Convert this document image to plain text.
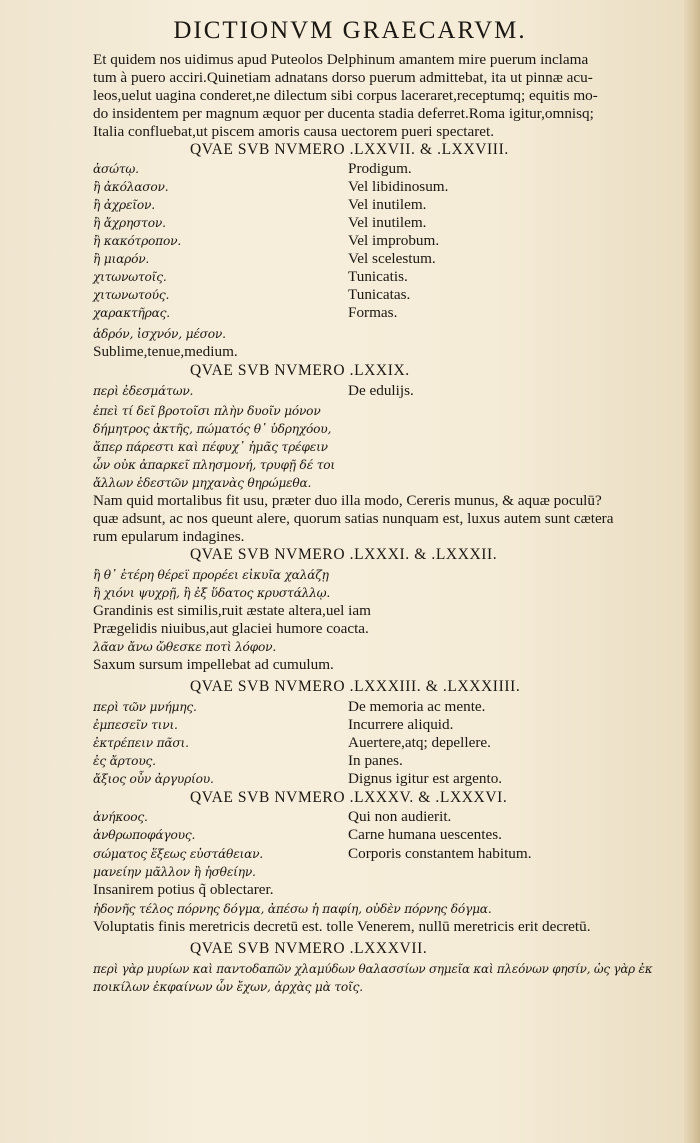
DICTIONVM GRAECARVM.
Et quidem nos uidimus apud Puteolos Delphinum amantem mire puerum inclama
tum à puero acciri.Quinetiam adnatans dorso puerum admittebat, ita ut pinnæ acu-
leos,uelut uagina conderet,ne dilectum sibi corpus laceraret,receptumq; equitis mo-
do insidentem per magnum æquor per ducenta stadia deferret.Roma igitur,omnisq;
Italia confluebat,ut piscem amoris causa uectorem pueri spectaret.
QVAE SVB NVMERO .LXXVII. & .LXXVIII.
ἀσώτῳ.	Prodigum.
ἢ ἀκόλασον.	Vel libidinosum.
ἢ ἀχρεῖον.	Vel inutilem.
ἢ ἄχρηστον.	Vel inutilem.
ἢ κακότροπον.	Vel improbum.
ἢ μιαρόν.	Vel scelestum.
χιτωνωτοῖς.	Tunicatis.
χιτωνωτούς.	Tunicatas.
χαρακτῆρας.	Formas.
ἁδρόν, ἰσχνόν, μέσον.
Sublime,tenue,medium.
QVAE SVB NVMERO .LXXIX.
περὶ ἐδεσμάτων.	De edulijs.
ἐπεὶ τί δεῖ βροτοῖσι πλὴν δυοῖν μόνον
δήμητρος ἀκτῆς, πώματός θ᾽ ὑδρηχόου,
ἅπερ πάρεστι καὶ πέφυχ᾽ ἡμᾶς τρέφειν
ὧν οὐκ ἀπαρκεῖ πλησμονή, τρυφῇ δέ τοι
ἄλλων ἐδεστῶν μηχανὰς θηρώμεθα.
Nam quid mortalibus fit usu, præter duo illa modo, Cereris munus, & aquæ poculū?
quæ adsunt, ac nos queunt alere, quorum satias nunquam est, luxus autem sunt cætera
rum epularum indagines.
QVAE SVB NVMERO .LXXXI. & .LXXXII.
ἢ θ᾽ ἑτέρη θέρεϊ προρέει εἰκυῖα χαλάζῃ
ἢ χιόνι ψυχρῇ, ἢ ἐξ ὕδατος κρυστάλλῳ.
Grandinis est similis,ruit æstate altera,uel iam
Prægelidis niuibus,aut glaciei humore coacta.
λᾶαν ἄνω ὤθεσκε ποτὶ λόφον.
Saxum sursum impellebat ad cumulum.
QVAE SVB NVMERO .LXXXIII. & .LXXXIIII.
περὶ τῶν μνήμης.	De memoria ac mente.
ἐμπεσεῖν τινι.	Incurrere aliquid.
ἐκτρέπειν πᾶσι.	Auertere,atq; depellere.
ἐς ἄρτους.	In panes.
ἄξιος οὖν ἀργυρίου.	Dignus igitur est argento.
QVAE SVB NVMERO .LXXXV. & .LXXXVI.
ἀνήκοος.	Qui non audierit.
ἀνθρωποφάγους.	Carne humana uescentes.
σώματος ἕξεως εὐστάθειαν.	Corporis constantem habitum.
μανείην μᾶλλον ἢ ἡσθείην.
Insanirem potius q̃ oblectarer.
ἡδονῆς τέλος πόρνης δόγμα, ἀπέσω ἡ παφίη, οὐδὲν πόρνης δόγμα.
Voluptatis finis meretricis decretū est. tolle Venerem, nullū meretricis erit decretū.
QVAE SVB NVMERO .LXXXVII.
περὶ γὰρ μυρίων καὶ παντοδαπῶν χλαμύδων θαλασσίων σημεῖα καὶ πλεόνων φησίν, ὡς γὰρ ἐκ
ποικίλων ἐκφαίνων ὧν ἔχων, ἀρχὰς μὰ τοῖς.
